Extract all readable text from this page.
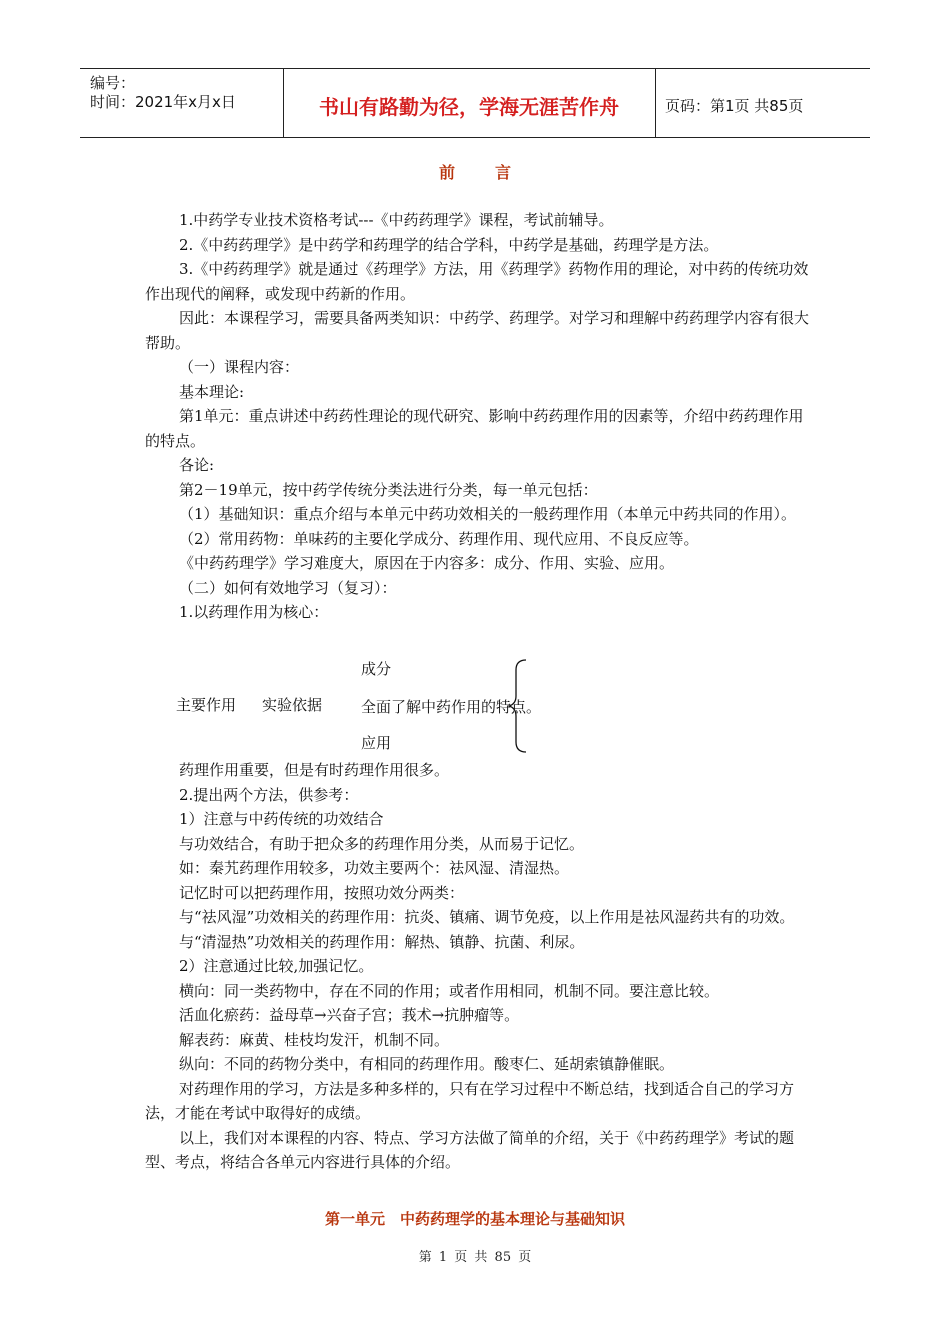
编号：
时间：2021年x月x日	书山有路勤为径，学海无涯苦作舟	页码：第1页 共85页
前言

1.中药学专业技术资格考试---《中药药理学》课程，考试前辅导。

2.《中药药理学》是中药学和药理学的结合学科，中药学是基础，药理学是方法。

3.《中药药理学》就是通过《药理学》方法，用《药理学》药物作用的理论，对中药的传统功效作出现代的阐释，或发现中药新的作用。

因此：本课程学习，需要具备两类知识：中药学、药理学。对学习和理解中药药理学内容有很大帮助。

（一）课程内容：

基本理论:

第1单元：重点讲述中药药性理论的现代研究、影响中药药理作用的因素等，介绍中药药理作用的特点。

各论:

第2－19单元，按中药学传统分类法进行分类，每一单元包括：

（1）基础知识：重点介绍与本单元中药功效相关的一般药理作用（本单元中药共同的作用）。

（2）常用药物：单味药的主要化学成分、药理作用、现代应用、不良反应等。

《中药药理学》学习难度大，原因在于内容多：成分、作用、实验、应用。

（二）如何有效地学习（复习）：

1.以药理作用为核心：

主要作用 实验依据
成分
全面了解中药作用的特点。
应用

药理作用重要，但是有时药理作用很多。

2.提出两个方法，供参考：

1）注意与中药传统的功效结合

与功效结合，有助于把众多的药理作用分类，从而易于记忆。

如：秦艽药理作用较多，功效主要两个：祛风湿、清湿热。

记忆时可以把药理作用，按照功效分两类：

与“祛风湿”功效相关的药理作用：抗炎、镇痛、调节免疫，以上作用是祛风湿药共有的功效。

与“清湿热”功效相关的药理作用：解热、镇静、抗菌、利尿。

2）注意通过比较,加强记忆。

横向：同一类药物中，存在不同的作用；或者作用相同，机制不同。要注意比较。

活血化瘀药：益母草→兴奋子宫；莪术→抗肿瘤等。

解表药：麻黄、桂枝均发汗，机制不同。

纵向：不同的药物分类中，有相同的药理作用。酸枣仁、延胡索镇静催眠。

对药理作用的学习，方法是多种多样的，只有在学习过程中不断总结，找到适合自己的学习方法，才能在考试中取得好的成绩。

以上，我们对本课程的内容、特点、学习方法做了简单的介绍，关于《中药药理学》考试的题型、考点，将结合各单元内容进行具体的介绍。

第一单元　中药药理学的基本理论与基础知识
第 1 页 共 85 页
